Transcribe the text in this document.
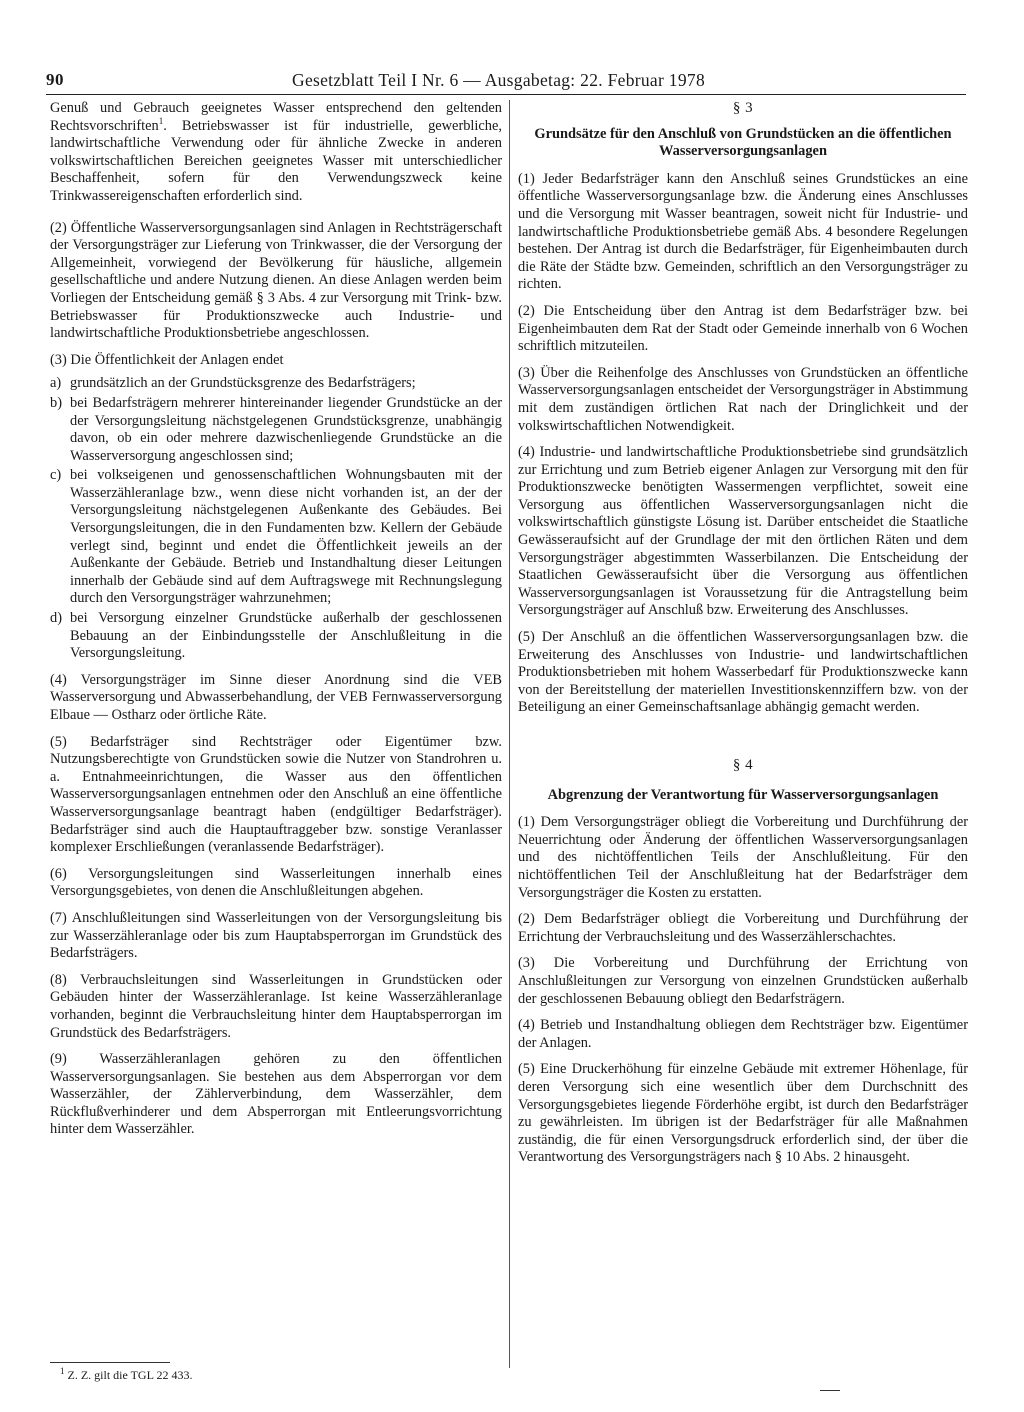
90	Gesetzblatt Teil I Nr. 6 — Ausgabetag: 22. Februar 1978

Genuß und Gebrauch geeignetes Wasser entsprechend den geltenden Rechtsvorschriften$^1$. Betriebswasser ist für industrielle, gewerbliche, landwirtschaftliche Verwendung oder für ähnliche Zwecke in anderen volkswirtschaftlichen Bereichen geeignetes Wasser mit unterschiedlicher Beschaffenheit, sofern für den Verwendungszweck keine Trinkwassereigenschaften erforderlich sind.

(2) Öffentliche Wasserversorgungsanlagen sind Anlagen in Rechtsträgerschaft der Versorgungsträger zur Lieferung von Trinkwasser, die der Versorgung der Allgemeinheit, vorwiegend der Bevölkerung für häusliche, allgemein gesellschaftliche und andere Nutzung dienen. An diese Anlagen werden beim Vorliegen der Entscheidung gemäß § 3 Abs. 4 zur Versorgung mit Trink- bzw. Betriebswasser für Produktionszwecke auch Industrie- und landwirtschaftliche Produktionsbetriebe angeschlossen.

(3) Die Öffentlichkeit der Anlagen endet

a) grundsätzlich an der Grundstücksgrenze des Bedarfsträgers;

b) bei Bedarfsträgern mehrerer hintereinander liegender Grundstücke an der der Versorgungsleitung nächstgelegenen Grundstücksgrenze, unabhängig davon, ob ein oder mehrere dazwischenliegende Grundstücke an die Wasserversorgung angeschlossen sind;

c) bei volkseigenen und genossenschaftlichen Wohnungsbauten mit der Wasserzähleranlage bzw., wenn diese nicht vorhanden ist, an der der Versorgungsleitung nächstgelegenen Außenkante des Gebäudes. Bei Versorgungsleitungen, die in den Fundamenten bzw. Kellern der Gebäude verlegt sind, beginnt und endet die Öffentlichkeit jeweils an der Außenkante der Gebäude. Betrieb und Instandhaltung dieser Leitungen innerhalb der Gebäude sind auf dem Auftragswege mit Rechnungslegung durch den Versorgungsträger wahrzunehmen;

d) bei Versorgung einzelner Grundstücke außerhalb der geschlossenen Bebauung an der Einbindungsstelle der Anschlußleitung in die Versorgungsleitung.

(4) Versorgungsträger im Sinne dieser Anordnung sind die VEB Wasserversorgung und Abwasserbehandlung, der VEB Fernwasserversorgung Elbaue — Ostharz oder örtliche Räte.

(5) Bedarfsträger sind Rechtsträger oder Eigentümer bzw. Nutzungsberechtigte von Grundstücken sowie die Nutzer von Standrohren u. a. Entnahmeeinrichtungen, die Wasser aus den öffentlichen Wasserversorgungsanlagen entnehmen oder den Anschluß an eine öffentliche Wasserversorgungsanlage beantragt haben (endgültiger Bedarfsträger). Bedarfsträger sind auch die Hauptauftraggeber bzw. sonstige Veranlasser komplexer Erschließungen (veranlassende Bedarfsträger).

(6) Versorgungsleitungen sind Wasserleitungen innerhalb eines Versorgungsgebietes, von denen die Anschlußleitungen abgehen.

(7) Anschlußleitungen sind Wasserleitungen von der Versorgungsleitung bis zur Wasserzähleranlage oder bis zum Hauptabsperrorgan im Grundstück des Bedarfsträgers.

(8) Verbrauchsleitungen sind Wasserleitungen in Grundstücken oder Gebäuden hinter der Wasserzähleranlage. Ist keine Wasserzähleranlage vorhanden, beginnt die Verbrauchsleitung hinter dem Hauptabsperrorgan im Grundstück des Bedarfsträgers.

(9) Wasserzähleranlagen gehören zu den öffentlichen Wasserversorgungsanlagen. Sie bestehen aus dem Absperrorgan vor dem Wasserzähler, der Zählerverbindung, dem Wasserzähler, dem Rückflußverhinderer und dem Absperrorgan mit Entleerungsvorrichtung hinter dem Wasserzähler.

§ 3

Grundsätze für den Anschluß von Grundstücken an die öffentlichen Wasserversorgungsanlagen

(1) Jeder Bedarfsträger kann den Anschluß seines Grundstückes an eine öffentliche Wasserversorgungsanlage bzw. die Änderung eines Anschlusses und die Versorgung mit Wasser beantragen, soweit nicht für Industrie- und landwirtschaftliche Produktionsbetriebe gemäß Abs. 4 besondere Regelungen bestehen. Der Antrag ist durch die Bedarfsträger, für Eigenheimbauten durch die Räte der Städte bzw. Gemeinden, schriftlich an den Versorgungsträger zu richten.

(2) Die Entscheidung über den Antrag ist dem Bedarfsträger bzw. bei Eigenheimbauten dem Rat der Stadt oder Gemeinde innerhalb von 6 Wochen schriftlich mitzuteilen.

(3) Über die Reihenfolge des Anschlusses von Grundstücken an öffentliche Wasserversorgungsanlagen entscheidet der Versorgungsträger in Abstimmung mit dem zuständigen örtlichen Rat nach der Dringlichkeit und der volkswirtschaftlichen Notwendigkeit.

(4) Industrie- und landwirtschaftliche Produktionsbetriebe sind grundsätzlich zur Errichtung und zum Betrieb eigener Anlagen zur Versorgung mit den für Produktionszwecke benötigten Wassermengen verpflichtet, soweit eine Versorgung aus öffentlichen Wasserversorgungsanlagen nicht die volkswirtschaftlich günstigste Lösung ist. Darüber entscheidet die Staatliche Gewässeraufsicht auf der Grundlage der mit den örtlichen Räten und dem Versorgungsträger abgestimmten Wasserbilanzen. Die Entscheidung der Staatlichen Gewässeraufsicht über die Versorgung aus öffentlichen Wasserversorgungsanlagen ist Voraussetzung für die Antragstellung beim Versorgungsträger auf Anschluß bzw. Erweiterung des Anschlusses.

(5) Der Anschluß an die öffentlichen Wasserversorgungsanlagen bzw. die Erweiterung des Anschlusses von Industrie- und landwirtschaftlichen Produktionsbetrieben mit hohem Wasserbedarf für Produktionszwecke kann von der Bereitstellung der materiellen Investitionskennziffern bzw. von der Beteiligung an einer Gemeinschaftsanlage abhängig gemacht werden.

§ 4

Abgrenzung der Verantwortung für Wasserversorgungsanlagen

(1) Dem Versorgungsträger obliegt die Vorbereitung und Durchführung der Neuerrichtung oder Änderung der öffentlichen Wasserversorgungsanlagen und des nichtöffentlichen Teils der Anschlußleitung. Für den nichtöffentlichen Teil der Anschlußleitung hat der Bedarfsträger dem Versorgungsträger die Kosten zu erstatten.

(2) Dem Bedarfsträger obliegt die Vorbereitung und Durchführung der Errichtung der Verbrauchsleitung und des Wasserzählerschachtes.

(3) Die Vorbereitung und Durchführung der Errichtung von Anschlußleitungen zur Versorgung von einzelnen Grundstücken außerhalb der geschlossenen Bebauung obliegt den Bedarfsträgern.

(4) Betrieb und Instandhaltung obliegen dem Rechtsträger bzw. Eigentümer der Anlagen.

(5) Eine Druckerhöhung für einzelne Gebäude mit extremer Höhenlage, für deren Versorgung sich eine wesentlich über dem Durchschnitt des Versorgungsgebietes liegende Förderhöhe ergibt, ist durch den Bedarfsträger zu gewährleisten. Im übrigen ist der Bedarfsträger für alle Maßnahmen zuständig, die für einen Versorgungsdruck erforderlich sind, der über die Verantwortung des Versorgungsträgers nach § 10 Abs. 2 hinausgeht.

$^1$ Z. Z. gilt die TGL 22 433.
